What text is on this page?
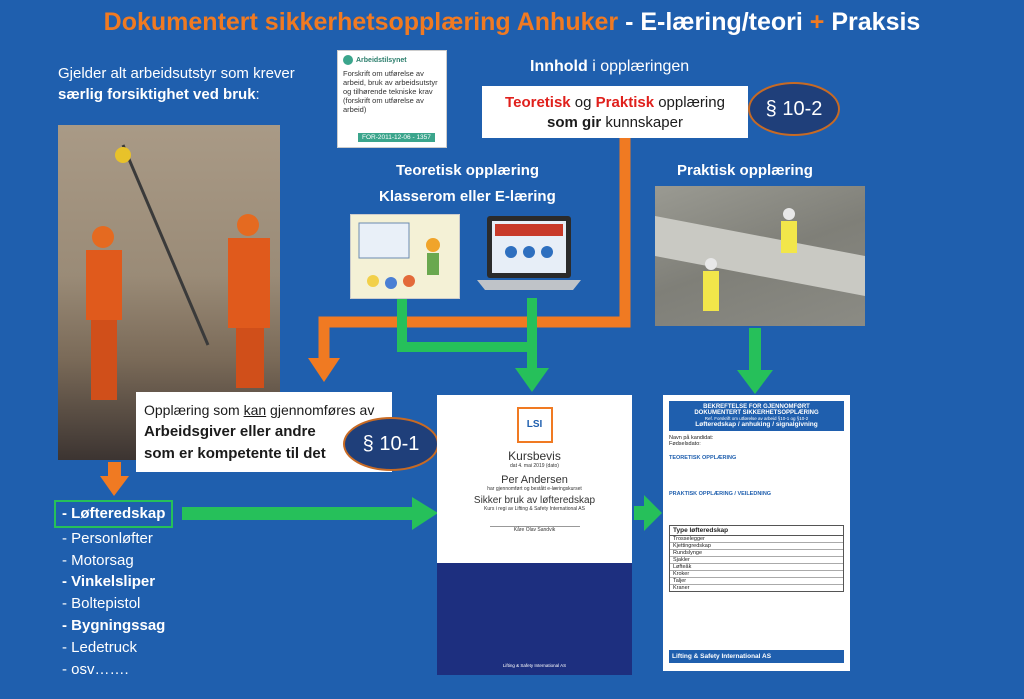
Dokumentert sikkerhetsopplæring Anhuker - E-læring/teori + Praksis
Gjelder alt arbeidsutstyr som krever
særlig forsiktighet ved bruk:
Arbeidstilsynet
Forskrift om utførelse av arbeid, bruk av arbeidsutstyr og tilhørende tekniske krav (forskrift om utførelse av arbeid)
FOR-2011-12-06 - 1357
Innhold i opplæringen
Teoretisk og Praktisk opplæring
som gir kunnskaper
§ 10-2
Teoretisk opplæring
Klasserom eller E-læring
Praktisk opplæring
Opplæring som kan gjennomføres av
Arbeidsgiver eller andre
som er kompetente til det	§ 10-1
- Løfteredskap
- Personløfter
- Motorsag
- Vinkelsliper
- Boltepistol
- Bygningssag
- Ledetruck
- osv…….
LSI
Kursbevis
dat 4. mai 2019 (dato)
Per Andersen
har gjennomført og bestått e-læringskurset
Sikker bruk av løfteredskap
Kurs i regi av Lifting & Safety International AS
Kåre Olav Sandvik
Lifting & Safety International AS
BEKREFTELSE FOR GJENNOMFØRT
DOKUMENTERT SIKKERHETSOPPLÆRING
Ref. Forskrift om utførelse av arbeid §10-1 og §10-2
Løfteredskap / anhuking / signalgivning
Navn på kandidat:
Fødselsdato:
TEORETISK OPPLÆRING
PRAKTISK OPPLÆRING / VEILEDNING
Type løfteredskap
Trosselegger
Kjettingredskap
Rundslynge
Sjakler
Løfteåk
Kroker
Taljer
Kraner
Lifting & Safety International AS
